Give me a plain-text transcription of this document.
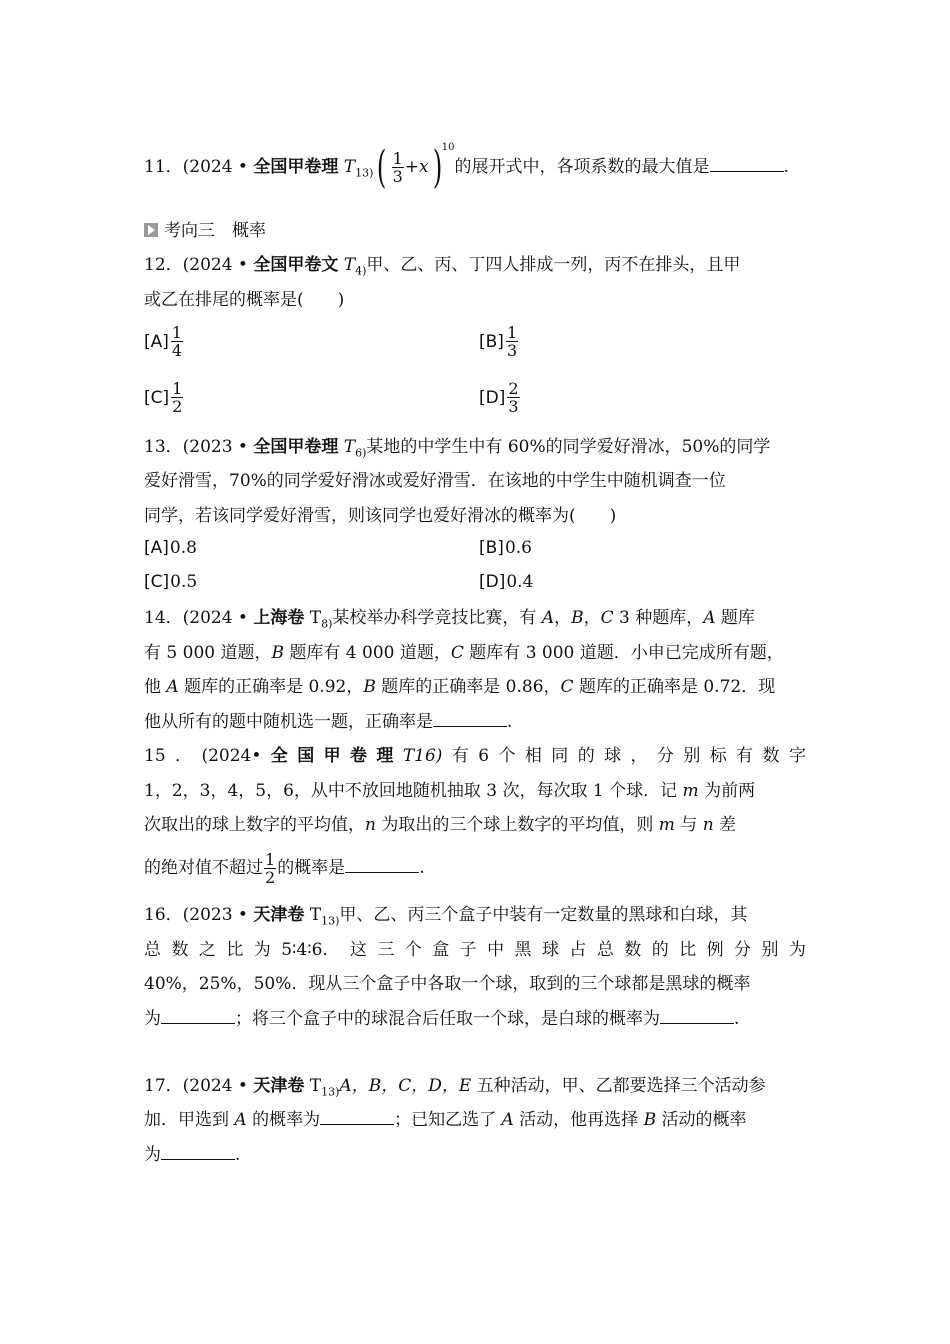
11．(2024 • 全国甲卷理 $T_{13)}( \frac{1}{3} +x)^{10}$的展开式中，各项系数的最大值是	.
考向三　概率
12．(2024 • 全国甲卷文 $T_{4)}$甲、乙、丙、丁四人排成一列，丙不在排头，且甲
或乙在排尾的概率是(　　)
$[A] \frac{1}{4}$	$[B] \frac{1}{3}$
$[C] \frac{1}{2}$	$[D] \frac{2}{3}$
13．(2023 • 全国甲卷理 $T_{6)}$某地的中学生中有 60%的同学爱好滑冰，50%的同学
爱好滑雪，70%的同学爱好滑冰或爱好滑雪．在该地的中学生中随机调查一位
同学，若该同学爱好滑雪，则该同学也爱好滑冰的概率为(　　)
[A] 0.8	[B] 0.6
[C] 0.5	[D] 0.4
14．(2024 • 上海卷 $T_{8)}$某校举办科学竞技比赛，有 A，B，C 3 种题库，A 题库
有 5 000 道题，B 题库有 4 000 道题，C 题库有 3 000 道题．小申已完成所有题，
他 A 题库的正确率是 0.92，B 题库的正确率是 0.86，C 题库的正确率是 0.72．现
他从所有的题中随机选一题，正确率是	.
15 ． (2024• 全 国 甲 卷 理 T16) 有 6 个 相 同 的 球 ， 分 别 标 有 数 字
1，2，3，4，5，6，从中不放回地随机抽取 3 次，每次取 1 个球．记 m 为前两
次取出的球上数字的平均值，n 为取出的三个球上数字的平均值，则 m 与 n 差
的绝对值不超过 $\frac{1}{2}$ 的概率是	.
16．(2023 • 天津卷 $T_{13)}$甲、乙、丙三个盒子中装有一定数量的黑球和白球，其
总 数 之 比 为 5∶4∶6． 这 三 个 盒 子 中 黑 球 占 总 数 的 比 例 分 别 为
40%，25%，50%．现从三个盒子中各取一个球，取到的三个球都是黑球的概率
为	；将三个盒子中的球混合后任取一个球，是白球的概率为	.
17．(2024 • 天津卷 $T_{13)}A$，B，C，D，E 五种活动，甲、乙都要选择三个活动参
加．甲选到 A 的概率为	；已知乙选了 A 活动，他再选择 B 活动的概率
为	.
